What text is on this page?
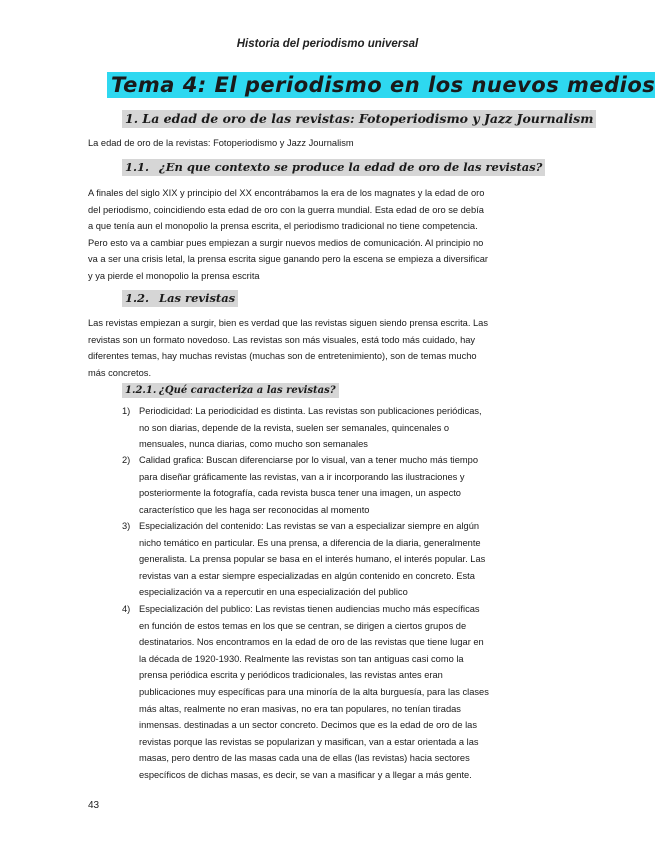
Historia del periodismo universal
Tema 4: El periodismo en los nuevos medios
1. La edad de oro de las revistas: Fotoperiodismo y Jazz Journalism
La edad de oro de la revistas: Fotoperiodismo y Jazz Journalism
1.1. ¿En que contexto se produce la edad de oro de las revistas?
A finales del siglo XIX y principio del XX encontrábamos la era de los magnates y la edad de oro
del periodismo, coincidiendo esta edad de oro con la guerra mundial. Esta edad de oro se debía
a que tenía aun el monopolio la prensa escrita, el periodismo tradicional no tiene competencia.
Pero esto va a cambiar pues empiezan a surgir nuevos medios de comunicación. Al principio no
va a ser una crisis letal, la prensa escrita sigue ganando pero la escena se empieza a diversificar
y ya pierde el monopolio la prensa escrita
1.2. Las revistas
Las revistas empiezan a surgir, bien es verdad que las revistas siguen siendo prensa escrita. Las
revistas son un formato novedoso. Las revistas son más visuales, está todo más cuidado, hay
diferentes temas, hay muchas revistas (muchas son de entretenimiento), son de temas mucho
más concretos.
1.2.1. ¿Qué caracteriza a las revistas?
1) Periodicidad: La periodicidad es distinta. Las revistas son publicaciones periódicas,
no son diarias, depende de la revista, suelen ser semanales, quincenales o
mensuales, nunca diarias, como mucho son semanales
2) Calidad grafica: Buscan diferenciarse por lo visual, van a tener mucho más tiempo
para diseñar gráficamente las revistas, van a ir incorporando las ilustraciones y
posteriormente la fotografía, cada revista busca tener una imagen, un aspecto
característico que les haga ser reconocidas al momento
3) Especialización del contenido: Las revistas se van a especializar siempre en algún
nicho temático en particular. Es una prensa, a diferencia de la diaria, generalmente
generalista. La prensa popular se basa en el interés humano, el interés popular. Las
revistas van a estar siempre especializadas en algún contenido en concreto. Esta
especialización va a repercutir en una especialización del publico
4) Especialización del publico: Las revistas tienen audiencias mucho más específicas
en función de estos temas en los que se centran, se dirigen a ciertos grupos de
destinatarios. Nos encontramos en la edad de oro de las revistas que tiene lugar en
la década de 1920-1930. Realmente las revistas son tan antiguas casi como la
prensa periódica escrita y periódicos tradicionales, las revistas antes eran
publicaciones muy específicas para una minoría de la alta burguesía, para las clases
más altas, realmente no eran masivas, no era tan populares, no tenían tiradas
inmensas. destinadas a un sector concreto. Decimos que es la edad de oro de las
revistas porque las revistas se popularizan y masifican, van a estar orientada a las
masas, pero dentro de las masas cada una de ellas (las revistas) hacia sectores
específicos de dichas masas, es decir, se van a masificar y a llegar a más gente.
43
